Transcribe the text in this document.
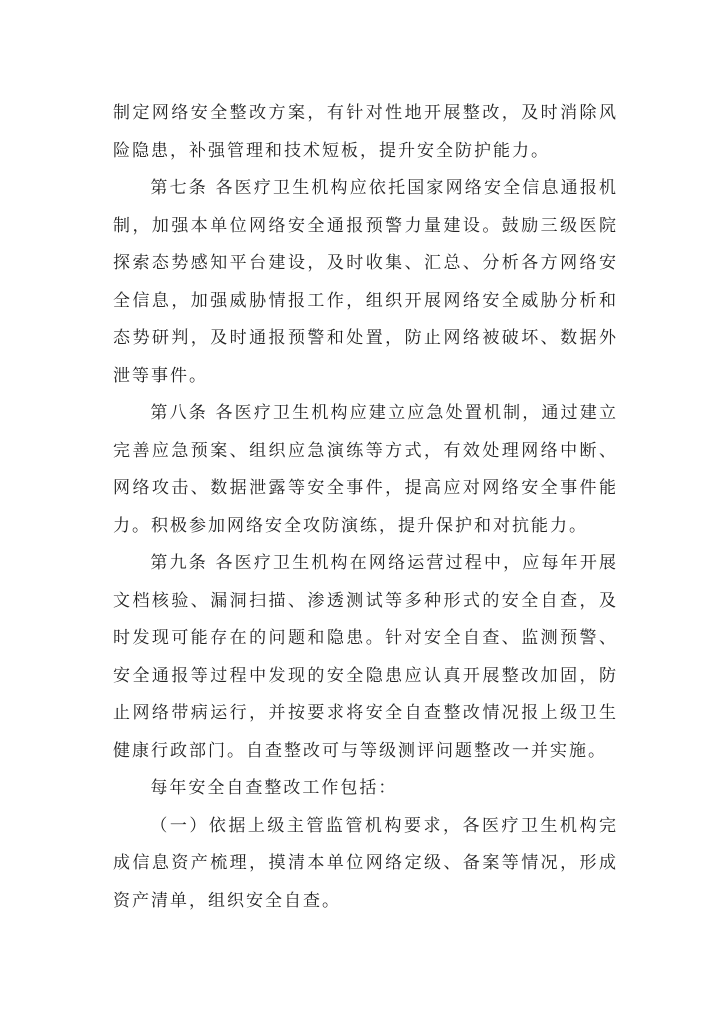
制定网络安全整改方案，有针对性地开展整改，及时消除风险隐患，补强管理和技术短板，提升安全防护能力。

第七条 各医疗卫生机构应依托国家网络安全信息通报机制，加强本单位网络安全通报预警力量建设。鼓励三级医院探索态势感知平台建设，及时收集、汇总、分析各方网络安全信息，加强威胁情报工作，组织开展网络安全威胁分析和态势研判，及时通报预警和处置，防止网络被破坏、数据外泄等事件。

第八条 各医疗卫生机构应建立应急处置机制，通过建立完善应急预案、组织应急演练等方式，有效处理网络中断、网络攻击、数据泄露等安全事件，提高应对网络安全事件能力。积极参加网络安全攻防演练，提升保护和对抗能力。

第九条 各医疗卫生机构在网络运营过程中，应每年开展文档核验、漏洞扫描、渗透测试等多种形式的安全自查，及时发现可能存在的问题和隐患。针对安全自查、监测预警、安全通报等过程中发现的安全隐患应认真开展整改加固，防止网络带病运行，并按要求将安全自查整改情况报上级卫生健康行政部门。自查整改可与等级测评问题整改一并实施。

每年安全自查整改工作包括：

（一）依据上级主管监管机构要求，各医疗卫生机构完成信息资产梳理，摸清本单位网络定级、备案等情况，形成资产清单，组织安全自查。
